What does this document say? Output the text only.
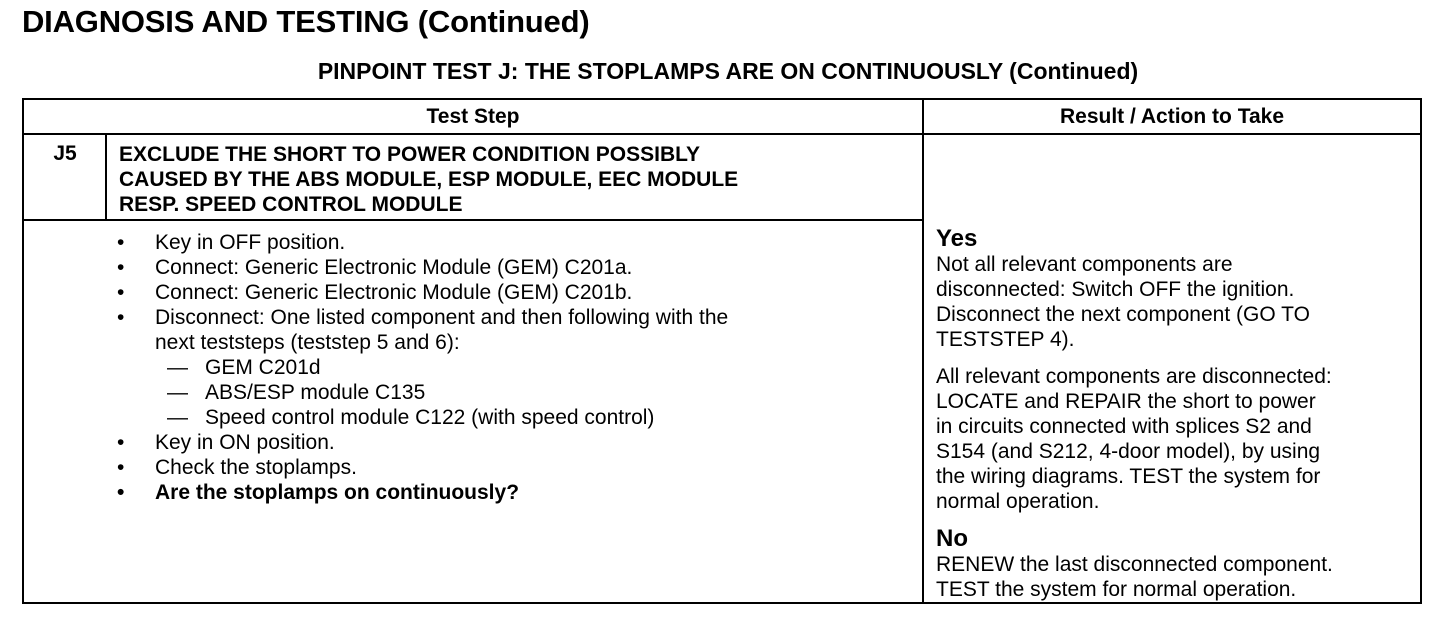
DIAGNOSIS AND TESTING (Continued)
PINPOINT TEST J: THE STOPLAMPS ARE ON CONTINUOUSLY (Continued)
Test Step	Result / Action to Take
J5	EXCLUDE THE SHORT TO POWER CONDITION POSSIBLY
CAUSED BY THE ABS MODULE, ESP MODULE, EEC MODULE
RESP. SPEED CONTROL MODULE
• Key in OFF position.
• Connect: Generic Electronic Module (GEM) C201a.
• Connect: Generic Electronic Module (GEM) C201b.
• Disconnect: One listed component and then following with the
next teststeps (teststep 5 and 6):
— GEM C201d
— ABS/ESP module C135
— Speed control module C122 (with speed control)
• Key in ON position.
• Check the stoplamps.
• Are the stoplamps on continuously?
Yes
Not all relevant components are
disconnected: Switch OFF the ignition.
Disconnect the next component (GO TO
TESTSTEP 4).
All relevant components are disconnected:
LOCATE and REPAIR the short to power
in circuits connected with splices S2 and
S154 (and S212, 4-door model), by using
the wiring diagrams. TEST the system for
normal operation.
No
RENEW the last disconnected component.
TEST the system for normal operation.
